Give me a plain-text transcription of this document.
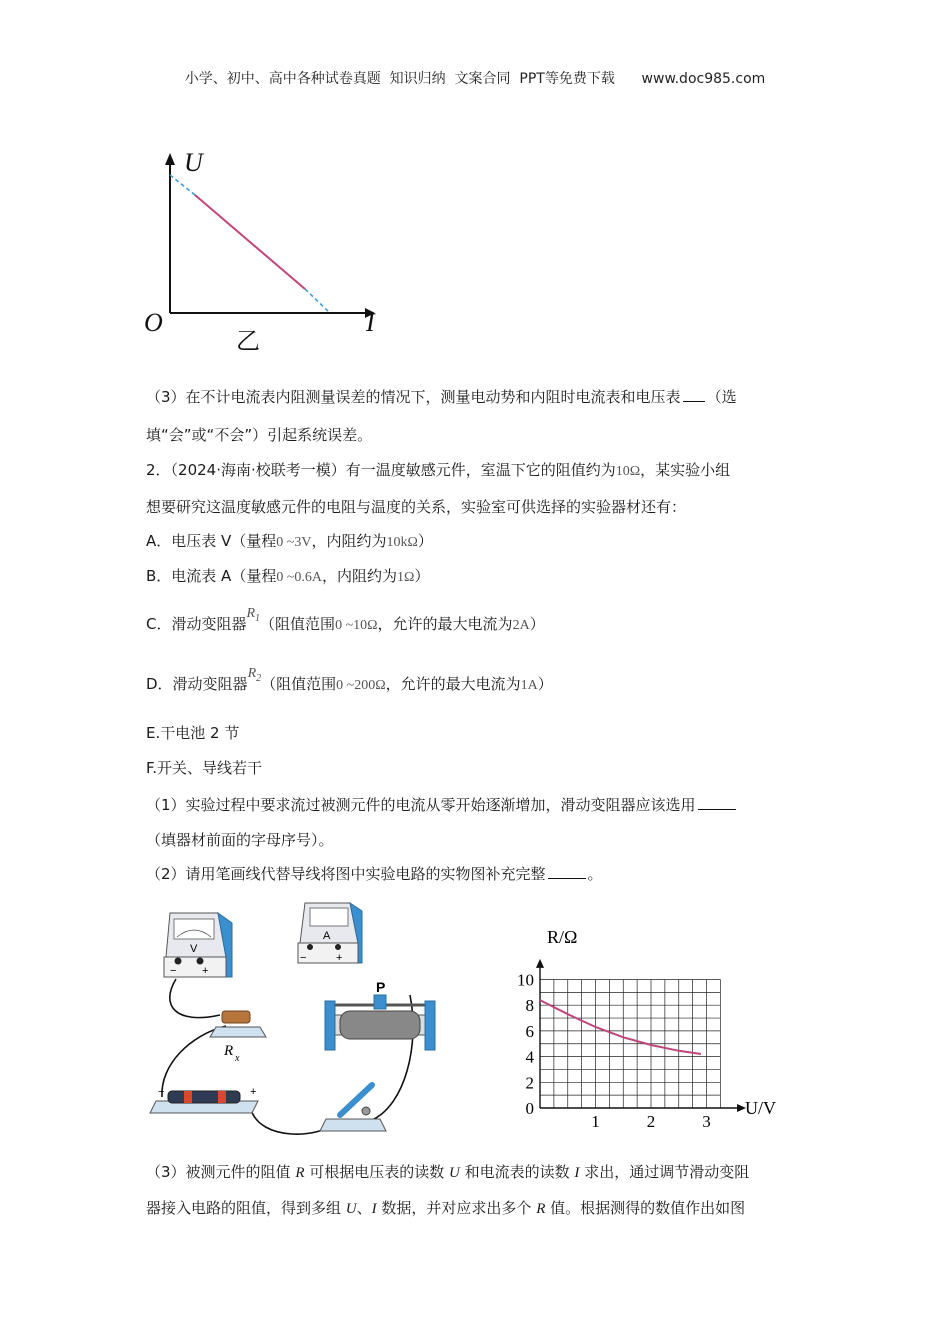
小学、初中、高中各种试卷真题  知识归纳  文案合同  PPT等免费下载      www.doc985.com
U
I
O
乙
（3）在不计电流表内阻测量误差的情况下，测量电动势和内阻时电流表和电压表 （选
填“会”或“不会”）引起系统误差。
2．（2024·海南·校联考一模）有一温度敏感元件，室温下它的阻值约为10Ω，某实验小组
想要研究这温度敏感元件的电阻与温度的关系，实验室可供选择的实验器材还有：
A．电压表 V（量程0 ~3V，内阻约为10kΩ）
B．电流表 A（量程0 ~0.6A，内阻约为1Ω）
C．滑动变阻器$R_1$（阻值范围0 ~10Ω，允许的最大电流为2A）
D．滑动变阻器$R_2$（阻值范围0 ~200Ω，允许的最大电流为1A）
E.干电池 2 节
F.开关、导线若干
（1）实验过程中要求流过被测元件的电流从零开始逐渐增加，滑动变阻器应该选用
（填器材前面的字母序号）。
（2）请用笔画线代替导线将图中实验电路的实物图补充完整	。
V
− +
A
−	+
R x
P
−	+
0
2
4
6
8
10
1	2	3
R/Ω
U/V
（3）被测元件的阻值 R 可根据电压表的读数 U 和电流表的读数 I 求出，通过调节滑动变阻
器接入电路的阻值，得到多组 U、I 数据，并对应求出多个 R 值。根据测得的数值作出如图
